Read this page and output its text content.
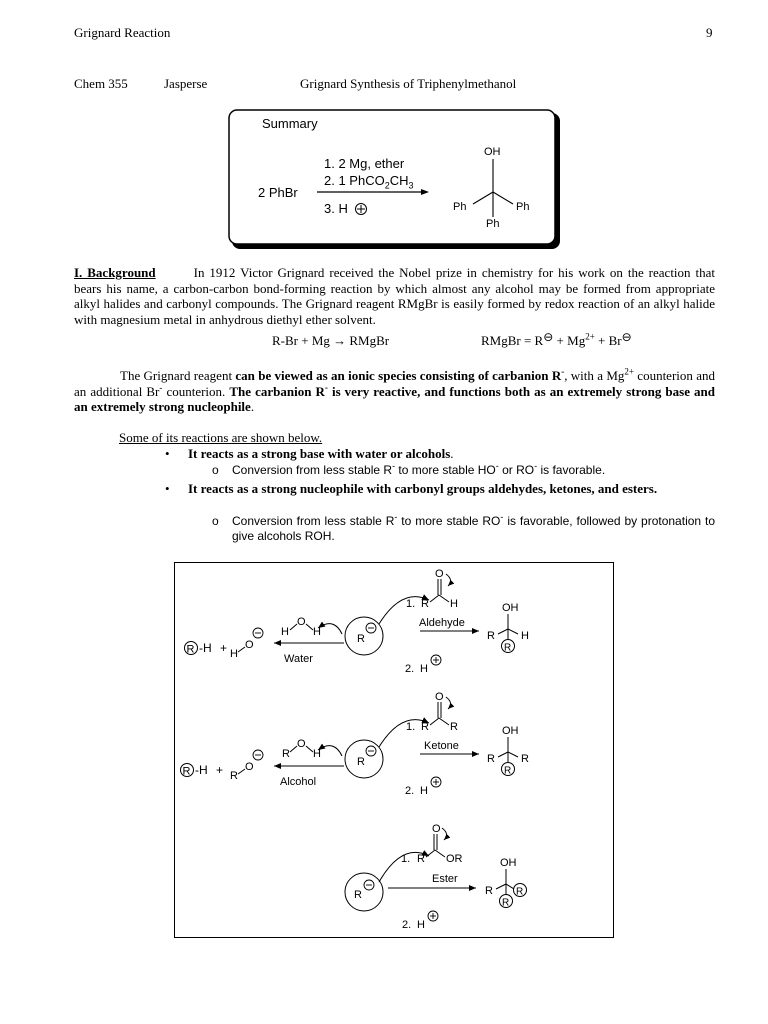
Grignard Reaction	9
Chem 355	Jasperse	Grignard Synthesis of Triphenylmethanol
Summary
2 PhBr
1. 2 Mg, ether
2. 1 $PhCO_2CH_3$
3. H
OH
Ph	Ph
Ph
I. Background	In 1912 Victor Grignard received the Nobel prize in chemistry for his work on the reaction that bears his name, a carbon-carbon bond-forming reaction by which almost any alcohol may be formed from appropriate alkyl halides and carbonyl compounds. The Grignard reagent RMgBr is easily formed by redox reaction of an alkyl halide with magnesium metal in anhydrous diethyl ether solvent.
R-Br + Mg → RMgBr	RMgBr = R⊖ + $Mg^{2+}$ + Br⊖
The Grignard reagent can be viewed as an ionic species consisting of carbanion R-, with a $Mg^{2+}$ counterion and an additional Br- counterion. The carbanion R- is very reactive, and functions both as an extremely strong base and an extremely strong nucleophile.
Some of its reactions are shown below.
• It reacts as a strong base with water or alcohols.
o Conversion from less stable R- to more stable HO- or RO- is favorable.
• It reacts as a strong nucleophile with carbonyl groups aldehydes, ketones, and esters.
o Conversion from less stable R- to more stable RO- is favorable, followed by protonation to give alcohols ROH.
R -H + H
O
H
O
H
Water
R
1. R
O
H
Aldehyde
2. H
OH
R H
R
R -H + R
O
R
O
H
Alcohol
R
1. R
O
R
Ketone
2. H
OH
R R
R
R
1. R
O
OR
Ester
2. H
OH
R R
R
